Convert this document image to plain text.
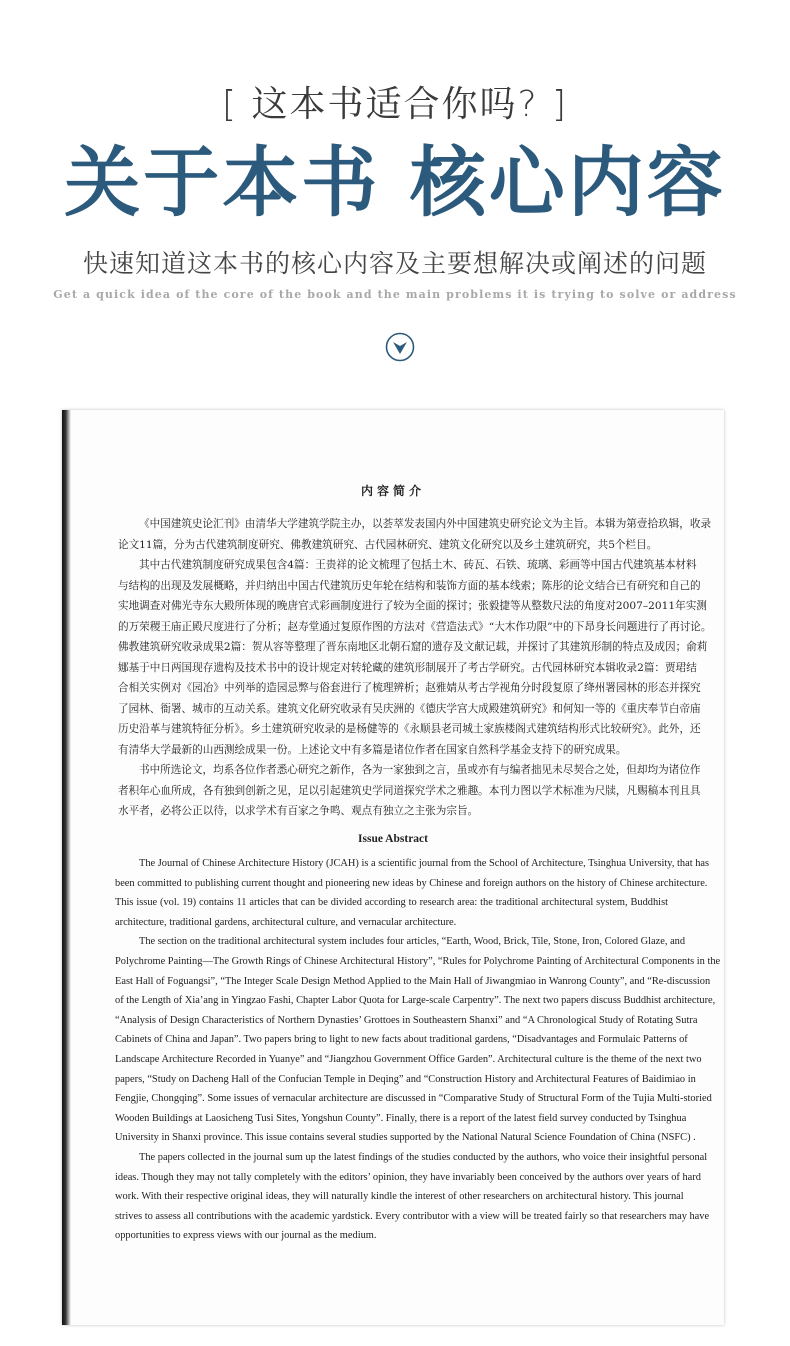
[ 这本书适合你吗? ]
关于本书 核心内容
快速知道这本书的核心内容及主要想解决或阐述的问题
Get a quick idea of the core of the book and the main problems it is trying to solve or address
内容简介
Issue Abstract
《中国建筑史论汇刊》由清华大学建筑学院主办，以荟萃发表国内外中国建筑史研究论文为主旨。本辑为第壹拾玖辑，收录
论文11篇，分为古代建筑制度研究、佛教建筑研究、古代园林研究、建筑文化研究以及乡土建筑研究，共5个栏目。
其中古代建筑制度研究成果包含4篇：王贵祥的论文梳理了包括土木、砖瓦、石铁、琉璃、彩画等中国古代建筑基本材料
与结构的出现及发展概略，并归纳出中国古代建筑历史年轮在结构和装饰方面的基本线索；陈彤的论文结合已有研究和自己的
实地调查对佛光寺东大殿所体现的晚唐官式彩画制度进行了较为全面的探讨；张毅捷等从整数尺法的角度对2007–2011年实测
的万荣稷王庙正殿尺度进行了分析；赵寿堂通过复原作图的方法对《营造法式》“大木作功限”中的下昂身长问题进行了再讨论。
佛教建筑研究收录成果2篇：贺从容等整理了晋东南地区北朝石窟的遗存及文献记载，并探讨了其建筑形制的特点及成因；俞莉
娜基于中日两国现存遗构及技术书中的设计规定对转轮藏的建筑形制展开了考古学研究。古代园林研究本辑收录2篇：贾珺结
合相关实例对《园冶》中列举的造园忌弊与俗套进行了梳理辨析；赵雅婧从考古学视角分时段复原了绛州署园林的形态并探究
了园林、衙署、城市的互动关系。建筑文化研究收录有吴庆洲的《德庆学宫大成殿建筑研究》和何知一等的《重庆奉节白帝庙
历史沿革与建筑特征分析》。乡土建筑研究收录的是杨健等的《永顺县老司城土家族楼阁式建筑结构形式比较研究》。此外，还
有清华大学最新的山西测绘成果一份。上述论文中有多篇是诸位作者在国家自然科学基金支持下的研究成果。
书中所选论文，均系各位作者悉心研究之新作，各为一家独到之言，虽或亦有与编者拙见未尽契合之处，但却均为诸位作
者积年心血所成，各有独到创新之见，足以引起建筑史学同道探究学术之雅趣。本刊力图以学术标准为尺牍，凡赐稿本刊且具
水平者，必将公正以待，以求学术有百家之争鸣、观点有独立之主张为宗旨。
The Journal of Chinese Architecture History (JCAH) is a scientific journal from the School of Architecture, Tsinghua University, that has
been committed to publishing current thought and pioneering new ideas by Chinese and foreign authors on the history of Chinese architecture.
This issue (vol. 19) contains 11 articles that can be divided according to research area: the traditional architectural system, Buddhist
architecture, traditional gardens, architectural culture, and vernacular architecture.
The section on the traditional architectural system includes four articles, “Earth, Wood, Brick, Tile, Stone, Iron, Colored Glaze, and
Polychrome Painting—The Growth Rings of Chinese Architectural History”, “Rules for Polychrome Painting of Architectural Components in the
East Hall of Foguangsi”, “The Integer Scale Design Method Applied to the Main Hall of Jiwangmiao in Wanrong County”, and “Re-discussion
of the Length of Xia’ang in Yingzao Fashi, Chapter Labor Quota for Large-scale Carpentry”. The next two papers discuss Buddhist architecture,
“Analysis of Design Characteristics of Northern Dynasties’ Grottoes in Southeastern Shanxi” and “A Chronological Study of Rotating Sutra
Cabinets of China and Japan”. Two papers bring to light to new facts about traditional gardens, “Disadvantages and Formulaic Patterns of
Landscape Architecture Recorded in Yuanye” and “Jiangzhou Government Office Garden”. Architectural culture is the theme of the next two
papers, “Study on Dacheng Hall of the Confucian Temple in Deqing” and “Construction History and Architectural Features of Baidimiao in
Fengjie, Chongqing”. Some issues of vernacular architecture are discussed in “Comparative Study of Structural Form of the Tujia Multi-storied
Wooden Buildings at Laosicheng Tusi Sites, Yongshun County”. Finally, there is a report of the latest field survey conducted by Tsinghua
University in Shanxi province. This issue contains several studies supported by the National Natural Science Foundation of China (NSFC) .
The papers collected in the journal sum up the latest findings of the studies conducted by the authors, who voice their insightful personal
ideas. Though they may not tally completely with the editors’ opinion, they have invariably been conceived by the authors over years of hard
work. With their respective original ideas, they will naturally kindle the interest of other researchers on architectural history. This journal
strives to assess all contributions with the academic yardstick. Every contributor with a view will be treated fairly so that researchers may have
opportunities to express views with our journal as the medium.
